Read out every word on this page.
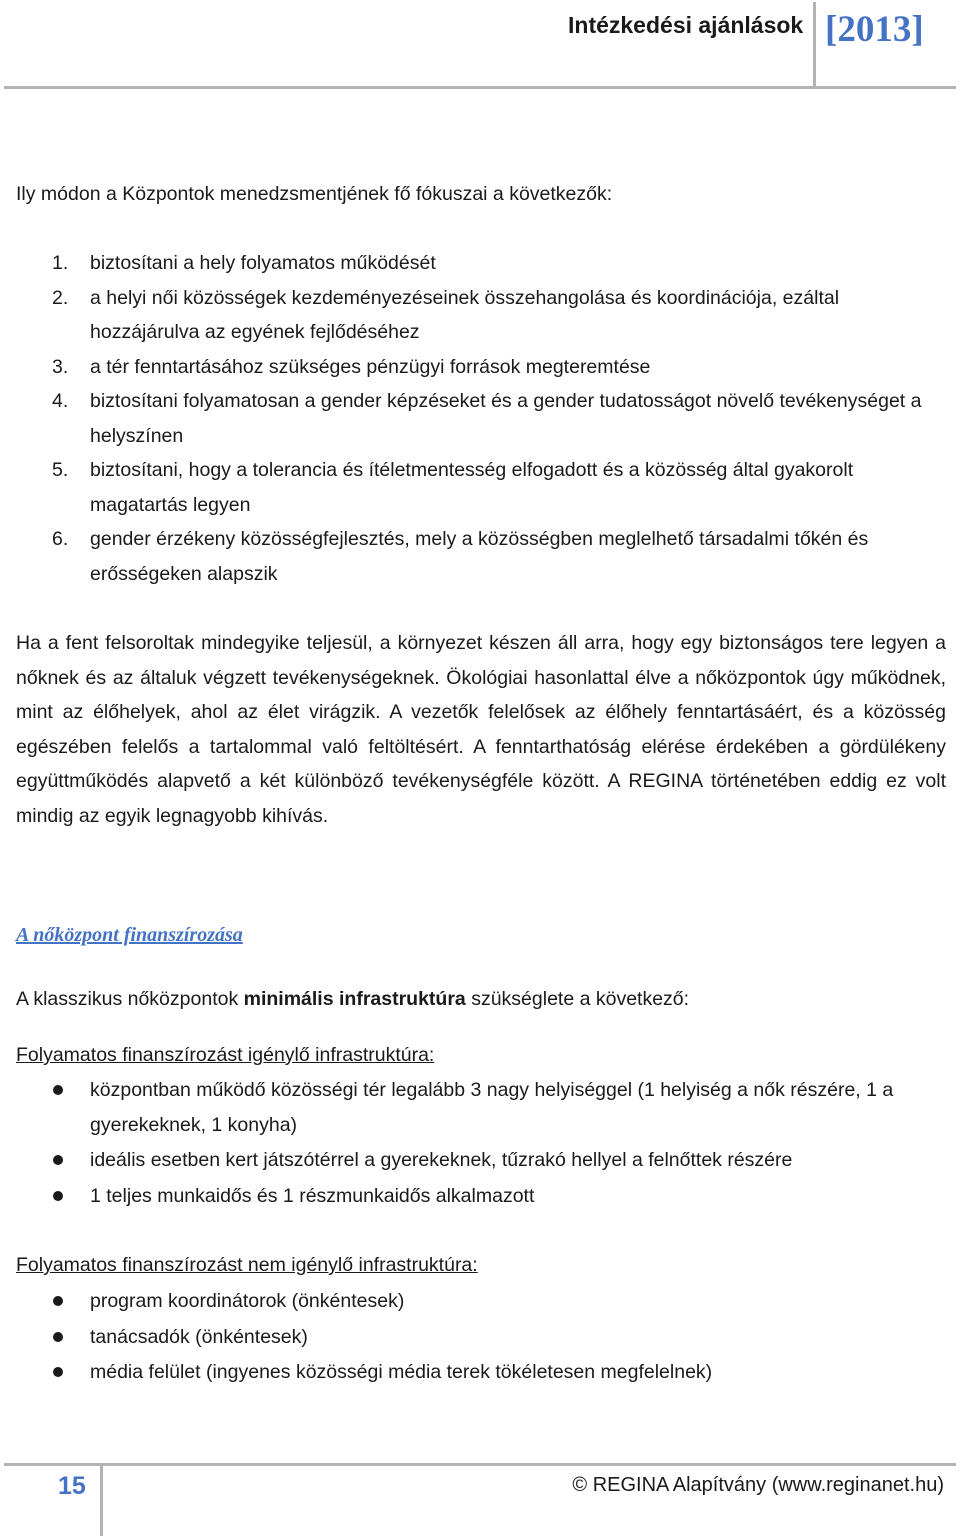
Intézkedési ajánlások [2013]

Ily módon a Központok menedzsmentjének fő fókuszai a következők:

1. biztosítani a hely folyamatos működését
2. a helyi női közösségek kezdeményezéseinek összehangolása és koordinációja, ezáltal hozzájárulva az egyének fejlődéséhez
3. a tér fenntartásához szükséges pénzügyi források megteremtése
4. biztosítani folyamatosan a gender képzéseket és a gender tudatosságot növelő tevékenységet a helyszínen
5. biztosítani, hogy a tolerancia és ítéletmentesség elfogadott és a közösség által gyakorolt magatartás legyen
6. gender érzékeny közösségfejlesztés, mely a közösségben meglelhető társadalmi tőkén és erősségeken alapszik

Ha a fent felsoroltak mindegyike teljesül, a környezet készen áll arra, hogy egy biztonságos tere legyen a nőknek és az általuk végzett tevékenységeknek. Ökológiai hasonlattal élve a nőközpontok úgy működnek, mint az élőhelyek, ahol az élet virágzik. A vezetők felelősek az élőhely fenntartásáért, és a közösség egészében felelős a tartalommal való feltöltésért. A fenntarthatóság elérése érdekében a gördülékeny együttműködés alapvető a két különböző tevékenységféle között. A REGINA történetében eddig ez volt mindig az egyik legnagyobb kihívás.

A nőközpont finanszírozása

A klasszikus nőközpontok minimális infrastruktúra szükséglete a következő:

Folyamatos finanszírozást igénylő infrastruktúra:

központban működő közösségi tér legalább 3 nagy helyiséggel (1 helyiség a nők részére, 1 a gyerekeknek, 1 konyha)
ideális esetben kert játszótérrel a gyerekeknek, tűzrakó hellyel a felnőttek részére
1 teljes munkaidős és 1 részmunkaidős alkalmazott

Folyamatos finanszírozást nem igénylő infrastruktúra:

program koordinátorok (önkéntesek)
tanácsadók (önkéntesek)
média felület (ingyenes közösségi média terek tökéletesen megfelelnek)
15	© REGINA Alapítvány (www.reginanet.hu)
